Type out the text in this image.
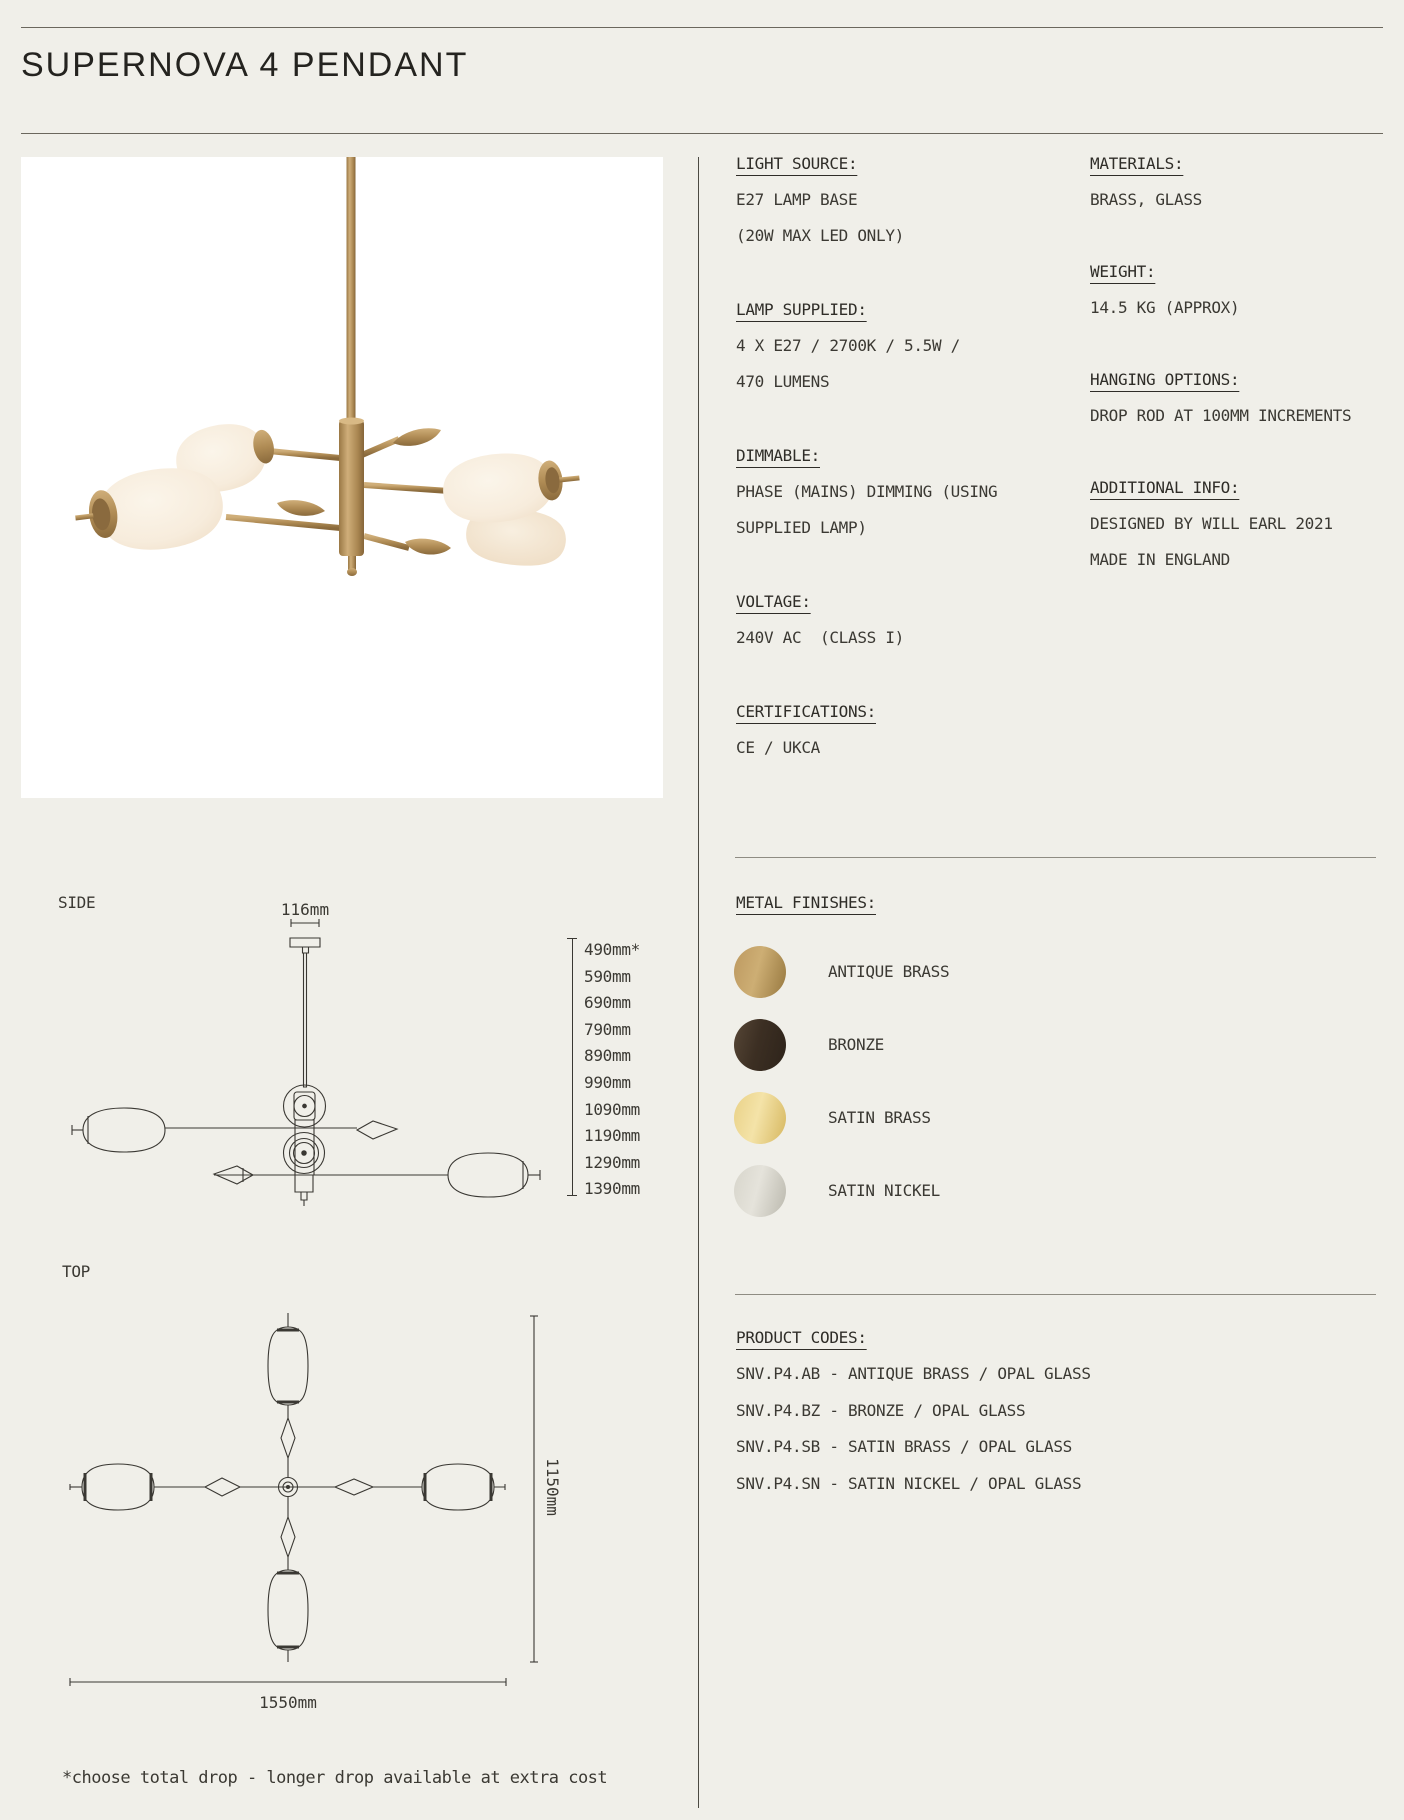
SUPERNOVA 4 PENDANT
LIGHT SOURCE:
E27 LAMP BASE
(20W MAX LED ONLY)
LAMP SUPPLIED:
4 X E27 / 2700K / 5.5W /
470 LUMENS
DIMMABLE:
PHASE (MAINS) DIMMING (USING
SUPPLIED LAMP)
VOLTAGE:
240V AC  (CLASS I)
CERTIFICATIONS:
CE / UKCA
MATERIALS:
BRASS, GLASS
WEIGHT:
14.5 KG (APPROX)
HANGING OPTIONS:
DROP ROD AT 100MM INCREMENTS
ADDITIONAL INFO:
DESIGNED BY WILL EARL 2021
MADE IN ENGLAND
METAL FINISHES:
ANTIQUE BRASS
BRONZE
SATIN BRASS
SATIN NICKEL
PRODUCT CODES:
SNV.P4.AB - ANTIQUE BRASS / OPAL GLASS
SNV.P4.BZ - BRONZE / OPAL GLASS
SNV.P4.SB - SATIN BRASS / OPAL GLASS
SNV.P4.SN - SATIN NICKEL / OPAL GLASS
SIDE	116mm
490mm*
590mm
690mm
790mm
890mm
990mm
1090mm
1190mm
1290mm
1390mm
TOP
1150mm
1550mm
*choose total drop - longer drop available at extra cost
